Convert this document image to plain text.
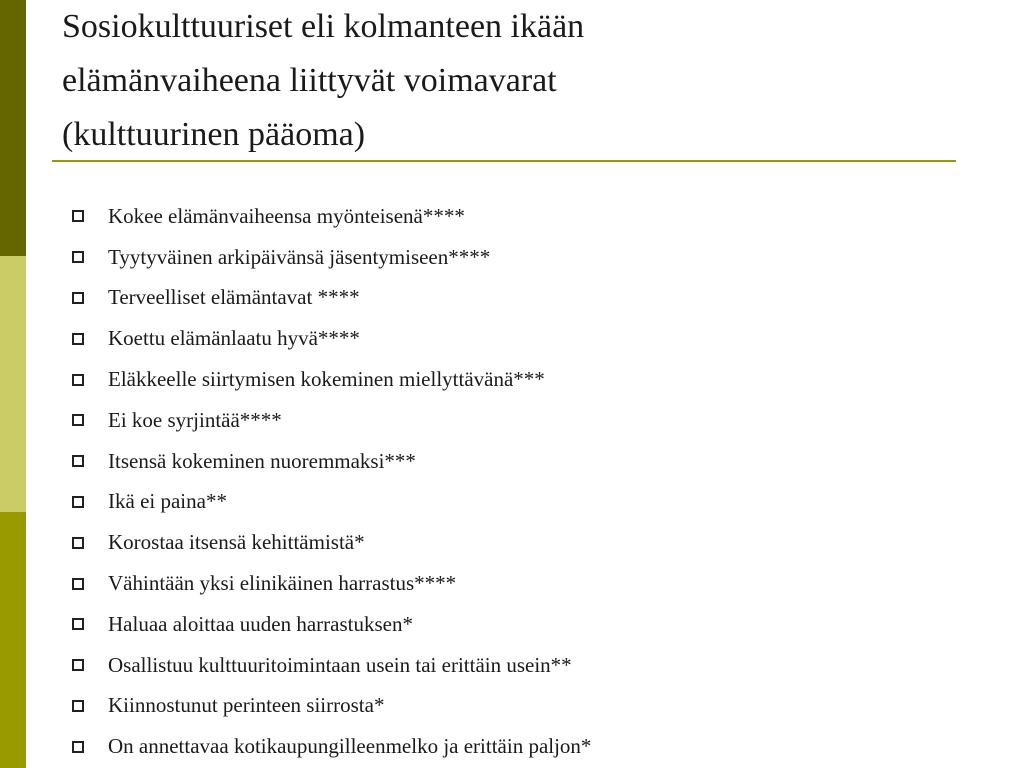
Sosiokulttuuriset eli kolmanteen ikään
elämänvaiheena liittyvät voimavarat
(kulttuurinen pääoma)
Kokee elämänvaiheensa myönteisenä****
Tyytyväinen arkipäivänsä jäsentymiseen****
Terveelliset elämäntavat ****
Koettu elämänlaatu hyvä****
Eläkkeelle siirtymisen kokeminen miellyttävänä***
Ei koe syrjintää****
Itsensä kokeminen nuoremmaksi***
Ikä ei paina**
Korostaa itsensä kehittämistä*
Vähintään yksi elinikäinen harrastus****
Haluaa aloittaa uuden harrastuksen*
Osallistuu kulttuuritoimintaan usein tai erittäin usein**
Kiinnostunut perinteen siirrosta*
On annettavaa kotikaupungilleenmelko ja erittäin paljon*
